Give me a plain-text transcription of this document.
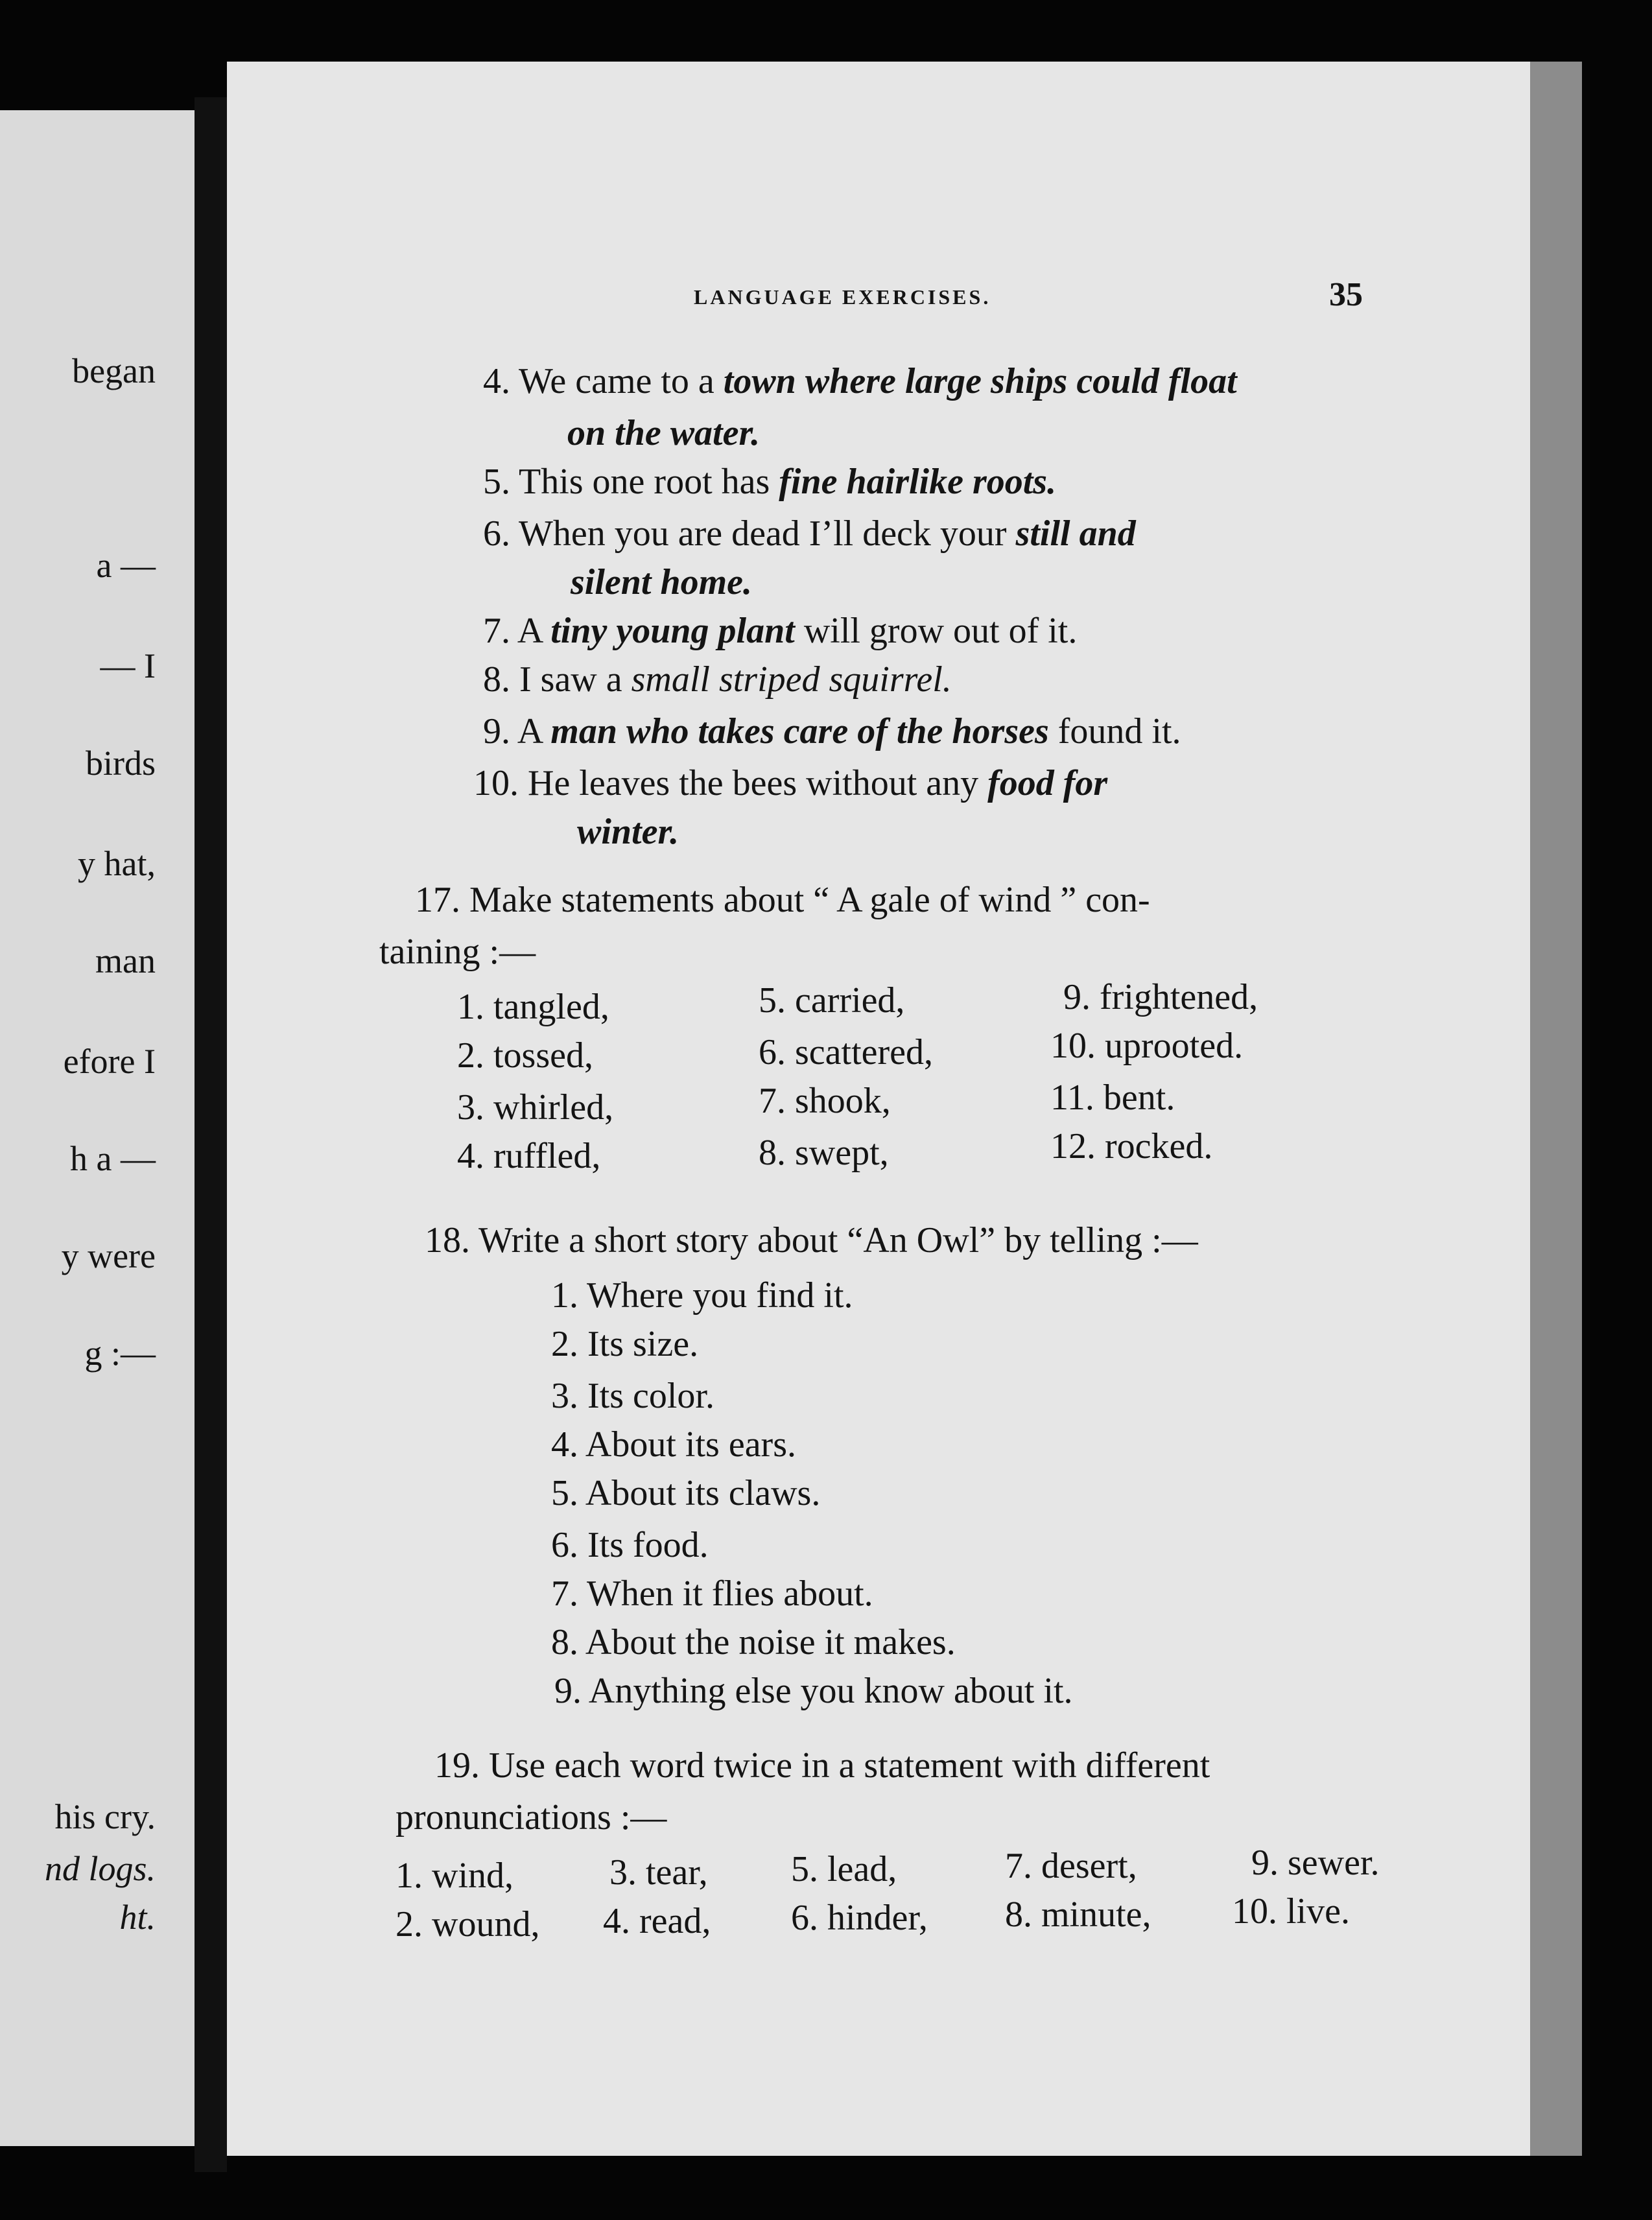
began
a —
— I
birds
y hat,
man
efore I
h a —
y were
g :—
his cry.
nd logs.
ht.
LANGUAGE EXERCISES.	35
4. We came to a town where large ships could float
on the water.
5. This one root has fine hairlike roots.
6. When you are dead I’ll deck your still and
silent home.
7. A tiny young plant will grow out of it.
8. I saw a small striped squirrel.
9. A man who takes care of the horses found it.
10. He leaves the bees without any food for
winter.
17. Make statements about “ A gale of wind ” con-
taining :—
1. tangled,
2. tossed,
3. whirled,
4. ruffled,
5. carried,
6. scattered,
7. shook,
8. swept,
9. frightened,
10. uprooted.
11. bent.
12. rocked.
18. Write a short story about “An Owl” by telling :—
1. Where you find it.
2. Its size.
3. Its color.
4. About its ears.
5. About its claws.
6. Its food.
7. When it flies about.
8. About the noise it makes.
9. Anything else you know about it.
19. Use each word twice in a statement with different
pronunciations :—
1. wind,
2. wound,
3. tear,
4. read,
5. lead,
6. hinder,
7. desert,
8. minute,
9. sewer.
10. live.
